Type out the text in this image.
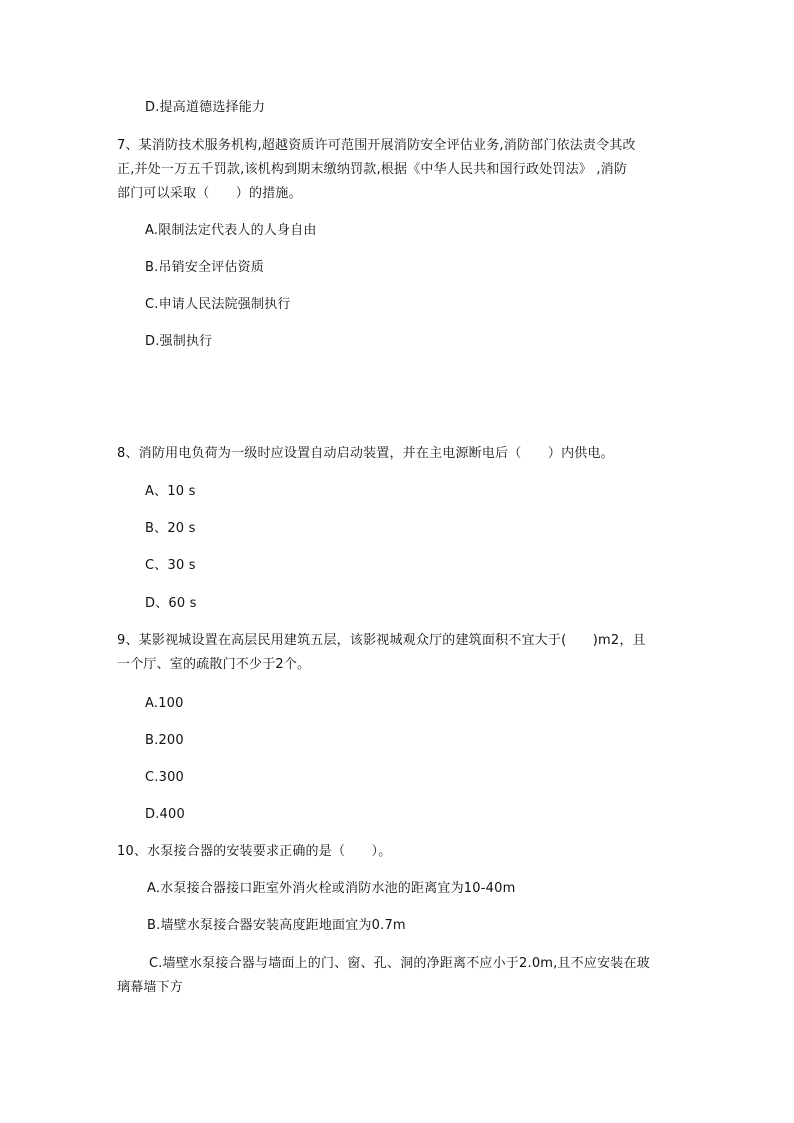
D.提高道德选择能力
7、某消防技术服务机构,超越资质许可范围开展消防安全评估业务,消防部门依法责令其改
正,并处一万五千罚款,该机构到期末缴纳罚款,根据《中华人民共和国行政处罚法》 ,消防
部门可以采取（　　）的措施。
A.限制法定代表人的人身自由
B.吊销安全评估资质
C.申请人民法院强制执行
D.强制执行
8、消防用电负荷为一级时应设置自动启动装置，并在主电源断电后（　　）内供电。
A、10 s
B、20 s
C、30 s
D、60 s
9、某影视城设置在高层民用建筑五层，该影视城观众厅的建筑面积不宜大于(　　)m2，且
一个厅、室的疏散门不少于2个。
A.100
B.200
C.300
D.400
10、水泵接合器的安装要求正确的是（　　）。
A.水泵接合器接口距室外消火栓或消防水池的距离宜为10-40m
B.墙壁水泵接合器安装高度距地面宜为0.7m
C.墙壁水泵接合器与墙面上的门、窗、孔、洞的净距离不应小于2.0m,且不应安装在玻
璃幕墙下方
